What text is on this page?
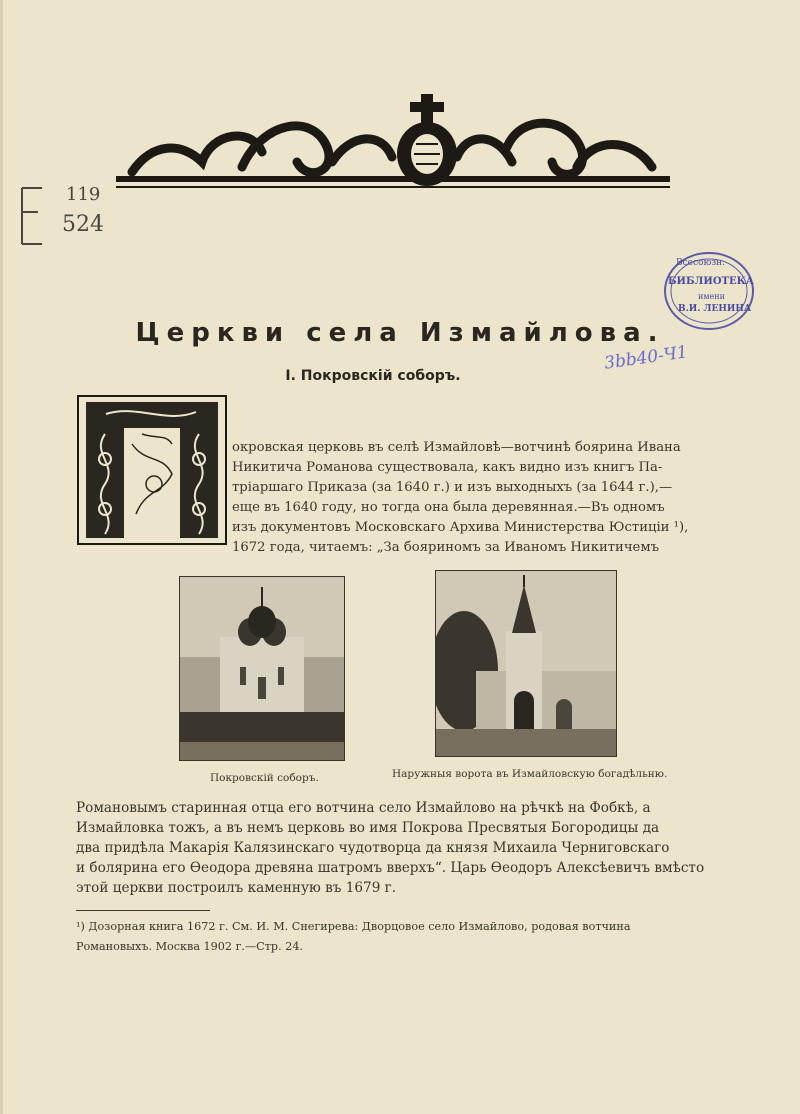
119
524
Всесоюзн.
БИБЛИОТЕКА
имени
В.И. ЛЕНИНА
Церкви села Измайлова.
3bb40-Ч1
I. Покровскій соборъ.
окровская церковь въ селѣ Измайловѣ—вотчинѣ боярина Ивана
Никитича Романова существовала, какъ видно изъ книгъ Па-
тріаршаго Приказа (за 1640 г.) и изъ выходныхъ (за 1644 г.),—
еще въ 1640 году, но тогда она была деревянная.—Въ одномъ
изъ документовъ Московскаго Архива Министерства Юстиціи ¹),
1672 года, читаемъ: „За бояриномъ за Иваномъ Никитичемъ
Покровскій соборъ.	Наружныя ворота въ Измайловскую богадѣльню.
Романовымъ старинная отца его вотчина село Измайлово на рѣчкѣ на Фобкѣ, а
Измайловка тожъ, а въ немъ церковь во имя Покрова Пресвятыя Богородицы да
два придѣла Макарія Калязинскаго чудотворца да князя Михаила Черниговскаго
и болярина его Ѳеодора древяна шатромъ вверхъ“. Царь Ѳеодоръ Алексѣевичъ вмѣсто
этой церкви построилъ каменную въ 1679 г.
¹) Дозорная книга 1672 г. См. И. М. Снегирева: Дворцовое село Измайлово, родовая вотчина
Романовыхъ. Москва 1902 г.—Стр. 24.
